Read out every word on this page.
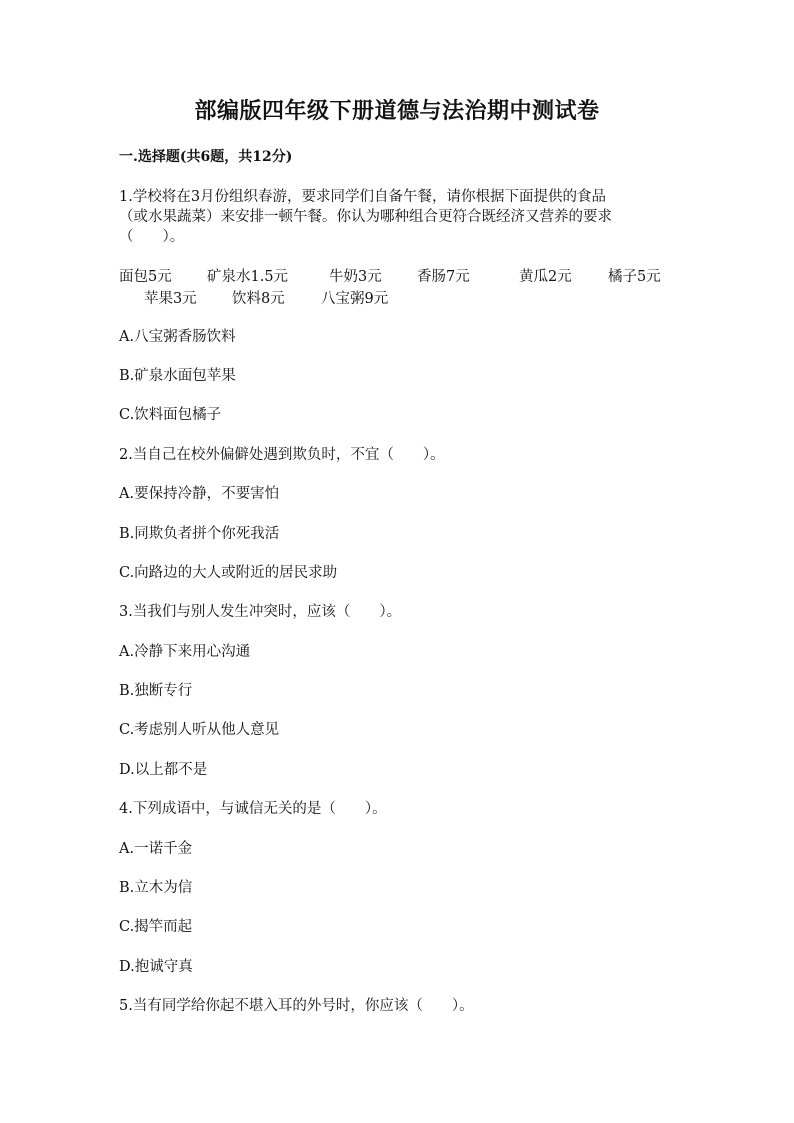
部编版四年级下册道德与法治期中测试卷
一.选择题(共6题，共12分)
1.学校将在3月份组织春游，要求同学们自备午餐，请你根据下面提供的食品
（或水果蔬菜）来安排一顿午餐。你认为哪种组合更符合既经济又营养的要求
（　　）。
面包5元 矿泉水1.5元	牛奶3元 香肠7元	黄瓜2元	橘子5元
苹果3元 饮料8元	八宝粥9元
A.八宝粥香肠饮料
B.矿泉水面包苹果
C.饮料面包橘子
2.当自己在校外偏僻处遇到欺负时，不宜（　　）。
A.要保持冷静，不要害怕
B.同欺负者拼个你死我活
C.向路边的大人或附近的居民求助
3.当我们与别人发生冲突时，应该（　　）。
A.冷静下来用心沟通
B.独断专行
C.考虑别人听从他人意见
D.以上都不是
4.下列成语中，与诚信无关的是（　　）。
A.一诺千金
B.立木为信
C.揭竿而起
D.抱诚守真
5.当有同学给你起不堪入耳的外号时，你应该（　　）。
